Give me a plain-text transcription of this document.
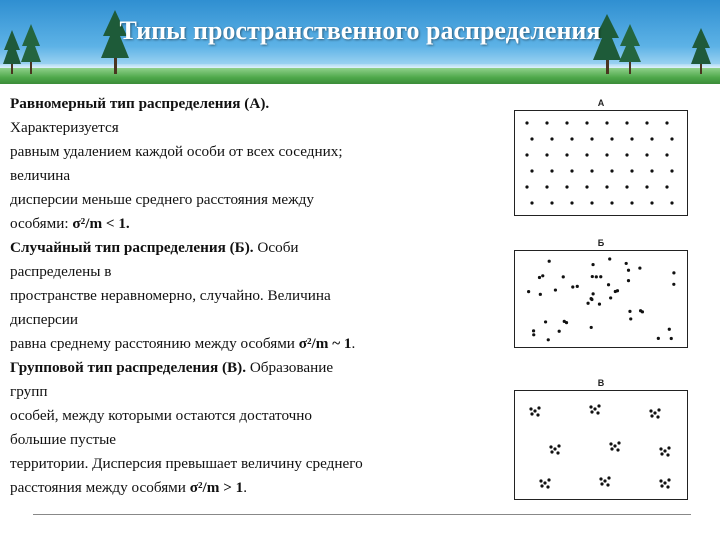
Типы пространственного распределения
Равномерный тип распределения (А).
Характеризуется
равным удалением каждой особи от всех соседних;
величина
дисперсии меньше среднего расстояния между
особями: σ²/m < 1.
Случайный тип распределения (Б). Особи
распределены в
пространстве неравномерно, случайно. Величина
дисперсии
равна среднему расстоянию между особями σ²/m ~ 1.
Групповой тип распределения (В). Образование
групп
особей, между которыми остаются достаточно
большие пустые
территории. Дисперсия превышает величину среднего
расстояния между особями σ²/m > 1.
А
Б
В
